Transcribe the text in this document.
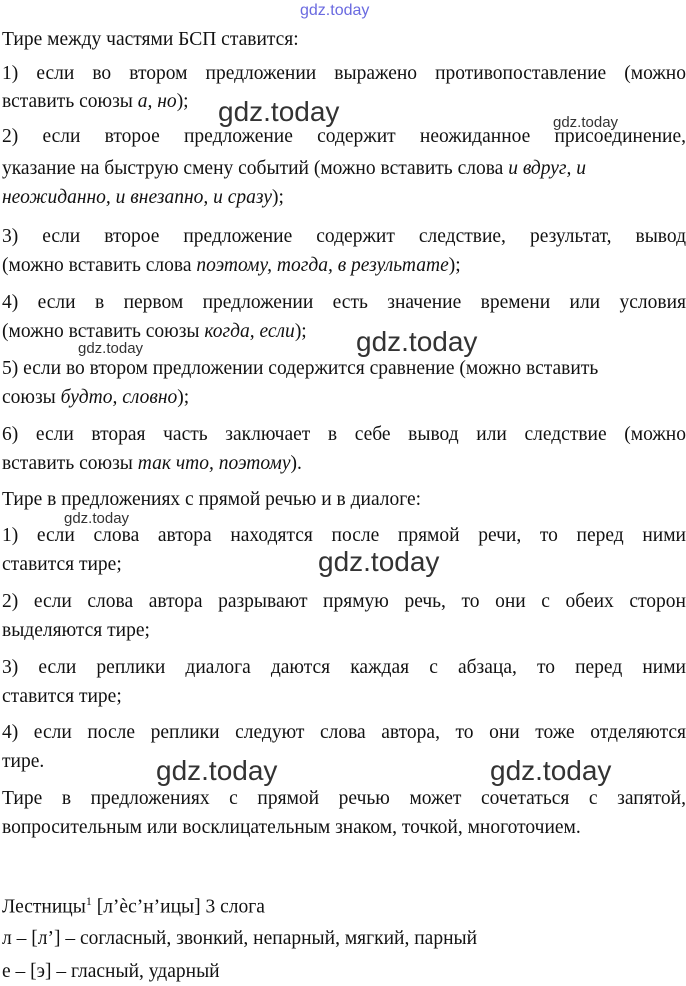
gdz.today
Тире между частями БСП ставится:
1) если во втором предложении выражено противопоставление (можно
вставить союзы а, но);
2) если второе предложение содержит неожиданное присоединение,
указание на быструю смену событий (можно вставить слова и вдруг, и
неожиданно, и внезапно, и сразу);
3) если второе предложение содержит следствие, результат, вывод
(можно вставить слова поэтому, тогда, в результате);
4) если в первом предложении есть значение времени или условия
(можно вставить союзы когда, если);
5) если во втором предложении содержится сравнение (можно вставить
союзы будто, словно);
6) если вторая часть заключает в себе вывод или следствие (можно
вставить союзы так что, поэтому).
Тире в предложениях с прямой речью и в диалоге:
1) если слова автора находятся после прямой речи, то перед ними
ставится тире;
2) если слова автора разрывают прямую речь, то они с обеих сторон
выделяются тире;
3) если реплики диалога даются каждая с абзаца, то перед ними
ставится тире;
4) если после реплики следуют слова автора, то они тоже отделяются
тире.
Тире в предложениях с прямой речью может сочетаться с запятой,
вопросительным или восклицательным знаком, точкой, многоточием.
Лестницы$^1$ [л’ѐс’н’ицы] 3 слога
л – [л’] – согласный, звонкий, непарный, мягкий, парный
е – [э] – гласный, ударный
gdz.today	gdz.today
gdz.today
gdz.today
gdz.today
gdz.today
gdz.today	gdz.today
